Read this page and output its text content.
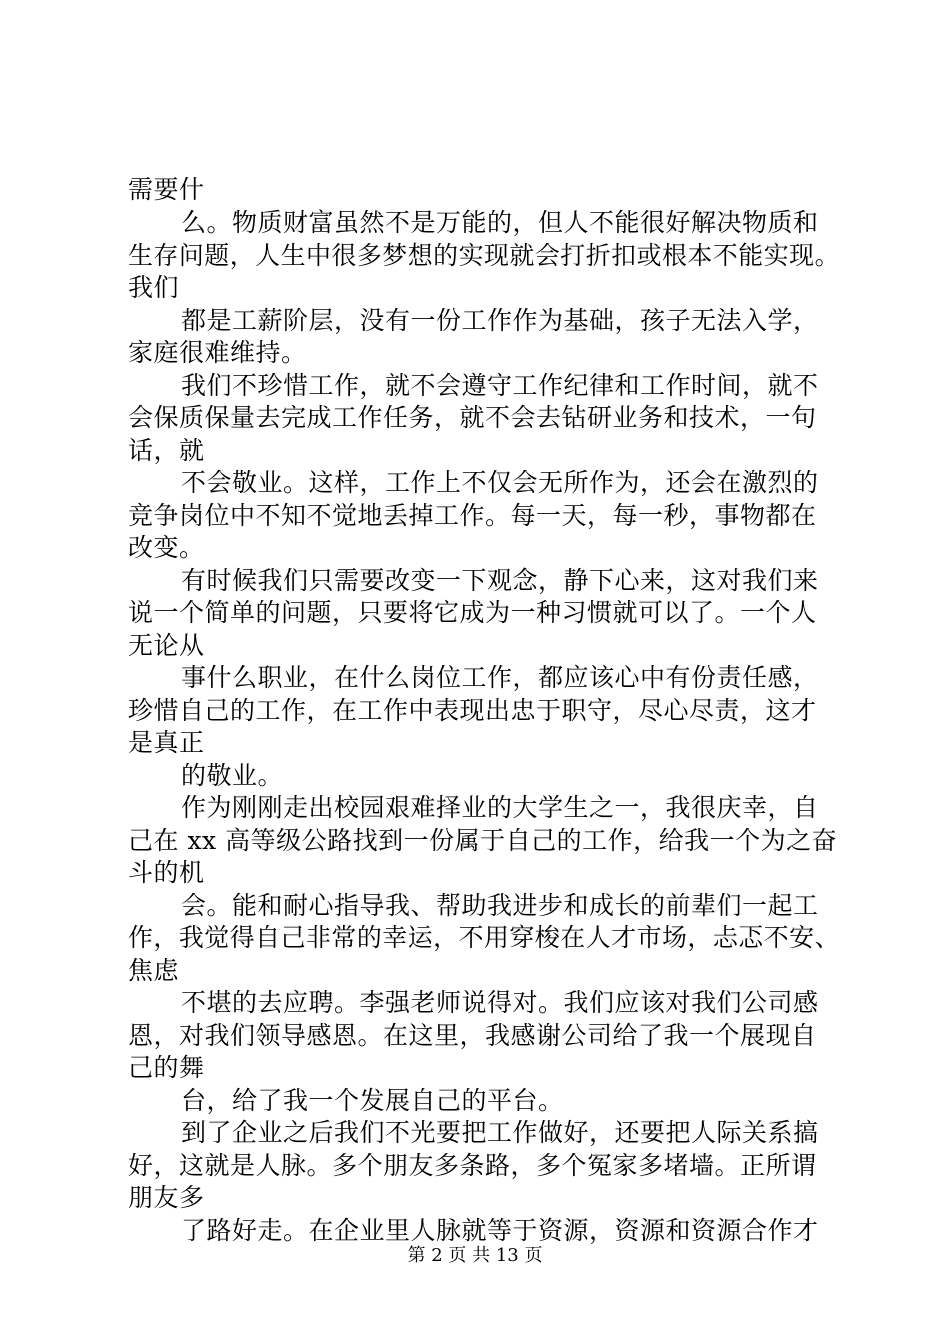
需要什
么。物质财富虽然不是万能的，但人不能很好解决物质和
生存问题，人生中很多梦想的实现就会打折扣或根本不能实现。
我们
都是工薪阶层，没有一份工作作为基础，孩子无法入学，
家庭很难维持。
我们不珍惜工作，就不会遵守工作纪律和工作时间，就不
会保质保量去完成工作任务，就不会去钻研业务和技术，一句
话，就
不会敬业。这样，工作上不仅会无所作为，还会在激烈的
竞争岗位中不知不觉地丢掉工作。每一天，每一秒，事物都在
改变。
有时候我们只需要改变一下观念，静下心来，这对我们来
说一个简单的问题，只要将它成为一种习惯就可以了。一个人
无论从
事什么职业，在什么岗位工作，都应该心中有份责任感，
珍惜自己的工作，在工作中表现出忠于职守，尽心尽责，这才
是真正
的敬业。
作为刚刚走出校园艰难择业的大学生之一，我很庆幸，自
己在 xx 高等级公路找到一份属于自己的工作，给我一个为之奋
斗的机
会。能和耐心指导我、帮助我进步和成长的前辈们一起工
作，我觉得自己非常的幸运，不用穿梭在人才市场，忐忑不安、
焦虑
不堪的去应聘。李强老师说得对。我们应该对我们公司感
恩，对我们领导感恩。在这里，我感谢公司给了我一个展现自
己的舞
台，给了我一个发展自己的平台。
到了企业之后我们不光要把工作做好，还要把人际关系搞
好，这就是人脉。多个朋友多条路，多个冤家多堵墙。正所谓
朋友多
了路好走。在企业里人脉就等于资源，资源和资源合作才
第 2 页 共 13 页
